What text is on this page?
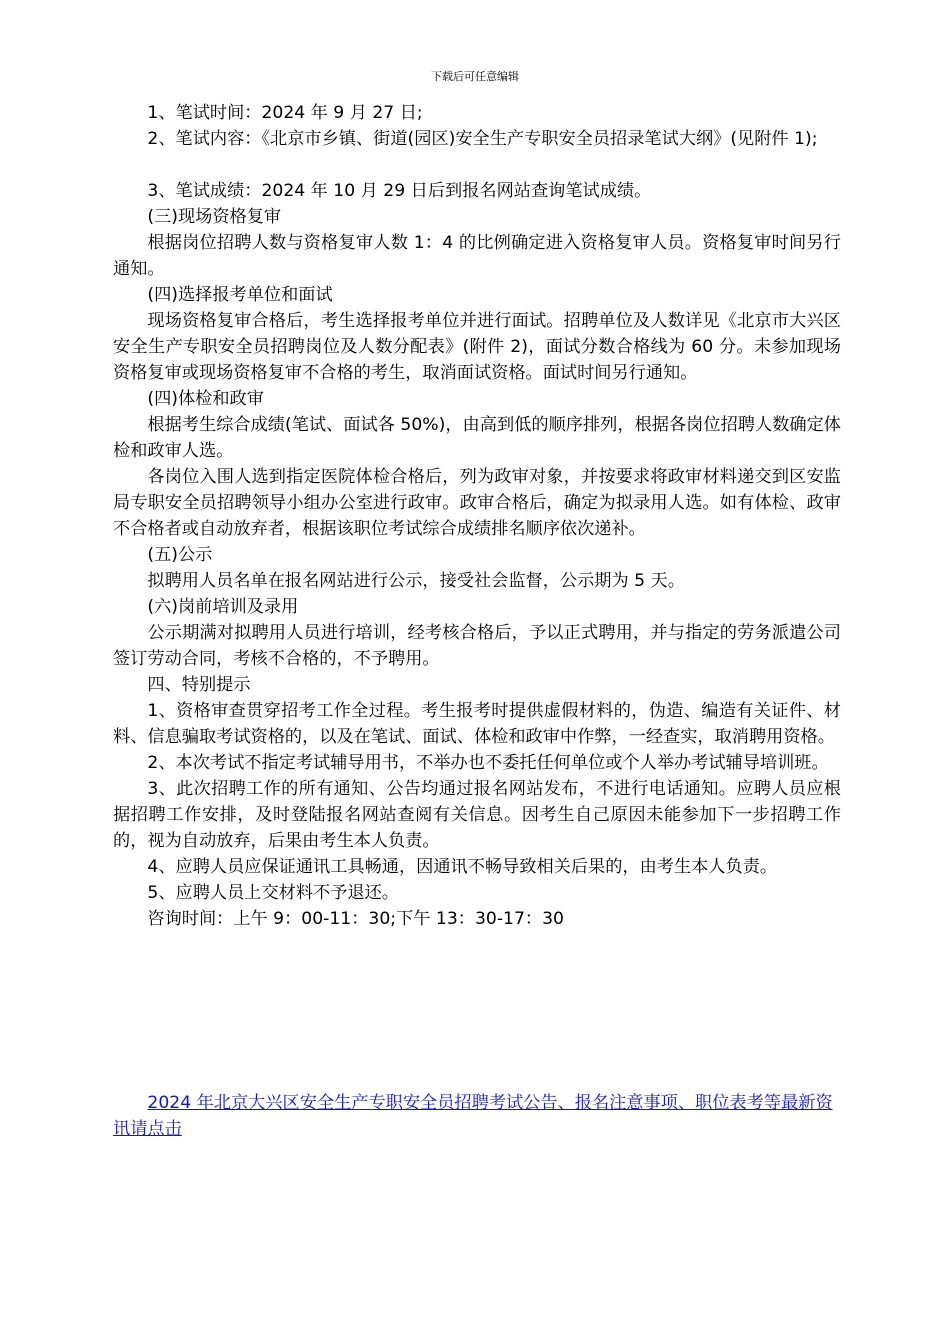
下载后可任意编辑

1、笔试时间：2024 年 9 月 27 日;

2、笔试内容：《北京市乡镇、街道(园区)安全生产专职安全员招录笔试大纲》(见附件 1);

3、笔试成绩：2024 年 10 月 29 日后到报名网站查询笔试成绩。

(三)现场资格复审

根据岗位招聘人数与资格复审人数 1：4 的比例确定进入资格复审人员。资格复审时间另行通知。

(四)选择报考单位和面试

现场资格复审合格后，考生选择报考单位并进行面试。招聘单位及人数详见《北京市大兴区安全生产专职安全员招聘岗位及人数分配表》(附件 2)，面试分数合格线为 60 分。未参加现场资格复审或现场资格复审不合格的考生，取消面试资格。面试时间另行通知。

(四)体检和政审

根据考生综合成绩(笔试、面试各 50%)，由高到低的顺序排列，根据各岗位招聘人数确定体检和政审人选。

各岗位入围人选到指定医院体检合格后，列为政审对象，并按要求将政审材料递交到区安监局专职安全员招聘领导小组办公室进行政审。政审合格后，确定为拟录用人选。如有体检、政审不合格者或自动放弃者，根据该职位考试综合成绩排名顺序依次递补。

(五)公示

拟聘用人员名单在报名网站进行公示，接受社会监督，公示期为 5 天。

(六)岗前培训及录用

公示期满对拟聘用人员进行培训，经考核合格后，予以正式聘用，并与指定的劳务派遣公司签订劳动合同，考核不合格的，不予聘用。

四、特别提示

1、资格审查贯穿招考工作全过程。考生报考时提供虚假材料的，伪造、编造有关证件、材料、信息骗取考试资格的，以及在笔试、面试、体检和政审中作弊，一经查实，取消聘用资格。

2、本次考试不指定考试辅导用书，不举办也不委托任何单位或个人举办考试辅导培训班。

3、此次招聘工作的所有通知、公告均通过报名网站发布，不进行电话通知。应聘人员应根据招聘工作安排，及时登陆报名网站查阅有关信息。因考生自己原因未能参加下一步招聘工作的，视为自动放弃，后果由考生本人负责。

4、应聘人员应保证通讯工具畅通，因通讯不畅导致相关后果的，由考生本人负责。

5、应聘人员上交材料不予退还。

咨询时间：上午 9：00-11：30;下午 13：30-17：30

2024 年北京大兴区安全生产专职安全员招聘考试公告、报名注意事项、职位表考等最新资讯请点击
